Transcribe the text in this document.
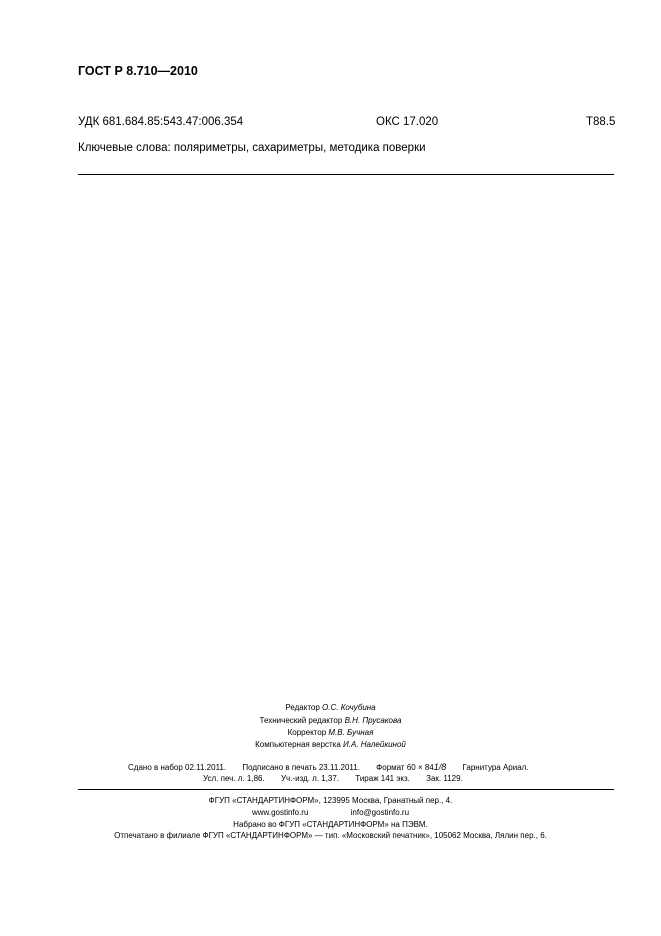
ГОСТ Р 8.710—2010
УДК 681.684.85:543.47:006.354	ОКС 17.020	Т88.5
Ключевые слова: поляриметры, сахариметры, методика поверки
Редактор О.С. Кочубина
Технический редактор В.Н. Прусакова
Корректор М.В. Бучная
Компьютерная верстка И.А. Налейкиной
Сдано в набор 02.11.2011. Подписано в печать 23.11.2011. Формат 60 × 841/8 Гарнитура Ариал.
Усл. печ. л. 1,86. Уч.-изд. л. 1,37. Тираж 141 экз. Зак. 1129.
ФГУП «СТАНДАРТИНФОРМ», 123995 Москва, Гранатный пер., 4.
www.gostinfo.ru	info@gostinfo.ru
Набрано во ФГУП «СТАНДАРТИНФОРМ» на ПЭВМ.
Отпечатано в филиале ФГУП «СТАНДАРТИНФОРМ» — тип. «Московский печатник», 105062 Москва, Лялин пер., 6.
